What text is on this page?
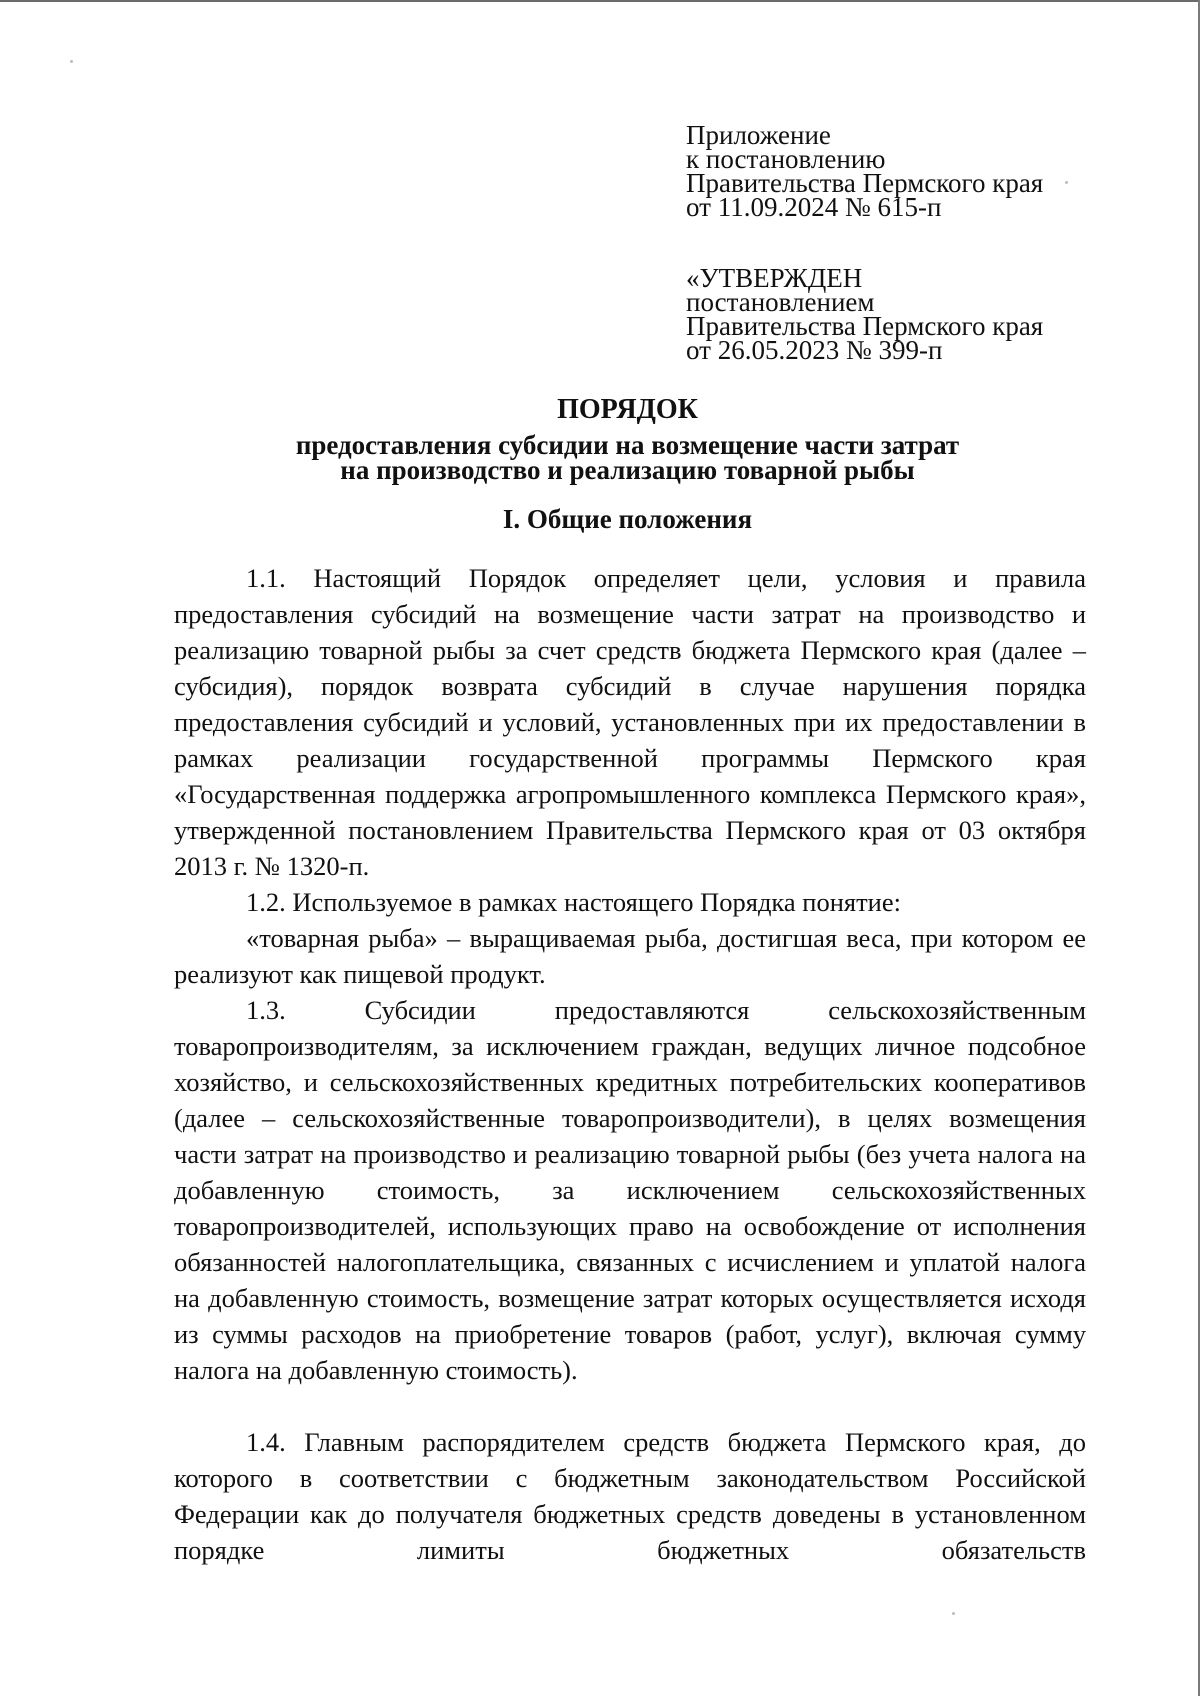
Приложение
к постановлению
Правительства Пермского края
от 11.09.2024 № 615-п
«УТВЕРЖДЕН
постановлением
Правительства Пермского края
от 26.05.2023 № 399-п
ПОРЯДОК
предоставления субсидии на возмещение части затрат
на производство и реализацию товарной рыбы
I. Общие положения

1.1. Настоящий Порядок определяет цели, условия и правила предоставления субсидий на возмещение части затрат на производство и реализацию товарной рыбы за счет средств бюджета Пермского края (далее – субсидия), порядок возврата субсидий в случае нарушения порядка предоставления субсидий и условий, установленных при их предоставлении в рамках реализации государственной программы Пермского края «Государственная поддержка агропромышленного комплекса Пермского края», утвержденной постановлением Правительства Пермского края от 03 октября 2013 г. № 1320-п.

1.2. Используемое в рамках настоящего Порядка понятие:

«товарная рыба» – выращиваемая рыба, достигшая веса, при котором ее реализуют как пищевой продукт.

1.3. Субсидии предоставляются сельскохозяйственным товаропроизводителям, за исключением граждан, ведущих личное подсобное хозяйство, и сельскохозяйственных кредитных потребительских кооперативов (далее – сельскохозяйственные товаропроизводители), в целях возмещения части затрат на производство и реализацию товарной рыбы (без учета налога на добавленную стоимость, за исключением сельскохозяйственных товаропроизводителей, использующих право на освобождение от исполнения обязанностей налогоплательщика, связанных с исчислением и уплатой налога на добавленную стоимость, возмещение затрат которых осуществляется исходя из суммы расходов на приобретение товаров (работ, услуг), включая сумму налога на добавленную стоимость).

1.4. Главным распорядителем средств бюджета Пермского края, до которого в соответствии с бюджетным законодательством Российской Федерации как до получателя бюджетных средств доведены в установленном порядке лимиты бюджетных обязательств
